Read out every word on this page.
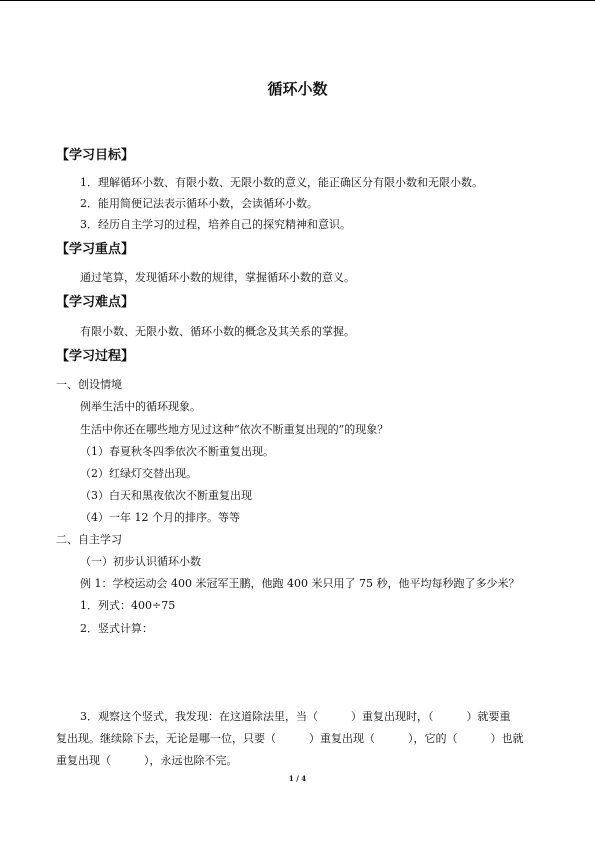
循环小数
【学习目标】
1．理解循环小数、有限小数、无限小数的意义，能正确区分有限小数和无限小数。
2．能用简便记法表示循环小数，会读循环小数。
3．经历自主学习的过程，培养自己的探究精神和意识。
【学习重点】
通过笔算，发现循环小数的规律，掌握循环小数的意义。
【学习难点】
有限小数、无限小数、循环小数的概念及其关系的掌握。
【学习过程】
一、创设情境
例举生活中的循环现象。
生活中你还在哪些地方见过这种“依次不断重复出现的”的现象？
（1）春夏秋冬四季依次不断重复出现。
（2）红绿灯交替出现。
（3）白天和黑夜依次不断重复出现
（4）一年 12 个月的排序。等等
二、自主学习
（一）初步认识循环小数
例 1：学校运动会 400 米冠军王鹏，他跑 400 米只用了 75 秒，他平均每秒跑了多少米？
1．列式：400÷75
2．竖式计算：
3．观察这个竖式，我发现：在这道除法里，当（　　　）重复出现时，（　　　）就要重
复出现。继续除下去，无论是哪一位，只要（　　　）重复出现（　　　），它的（　　　）也就
重复出现（　　　），永远也除不完。
1 / 4
